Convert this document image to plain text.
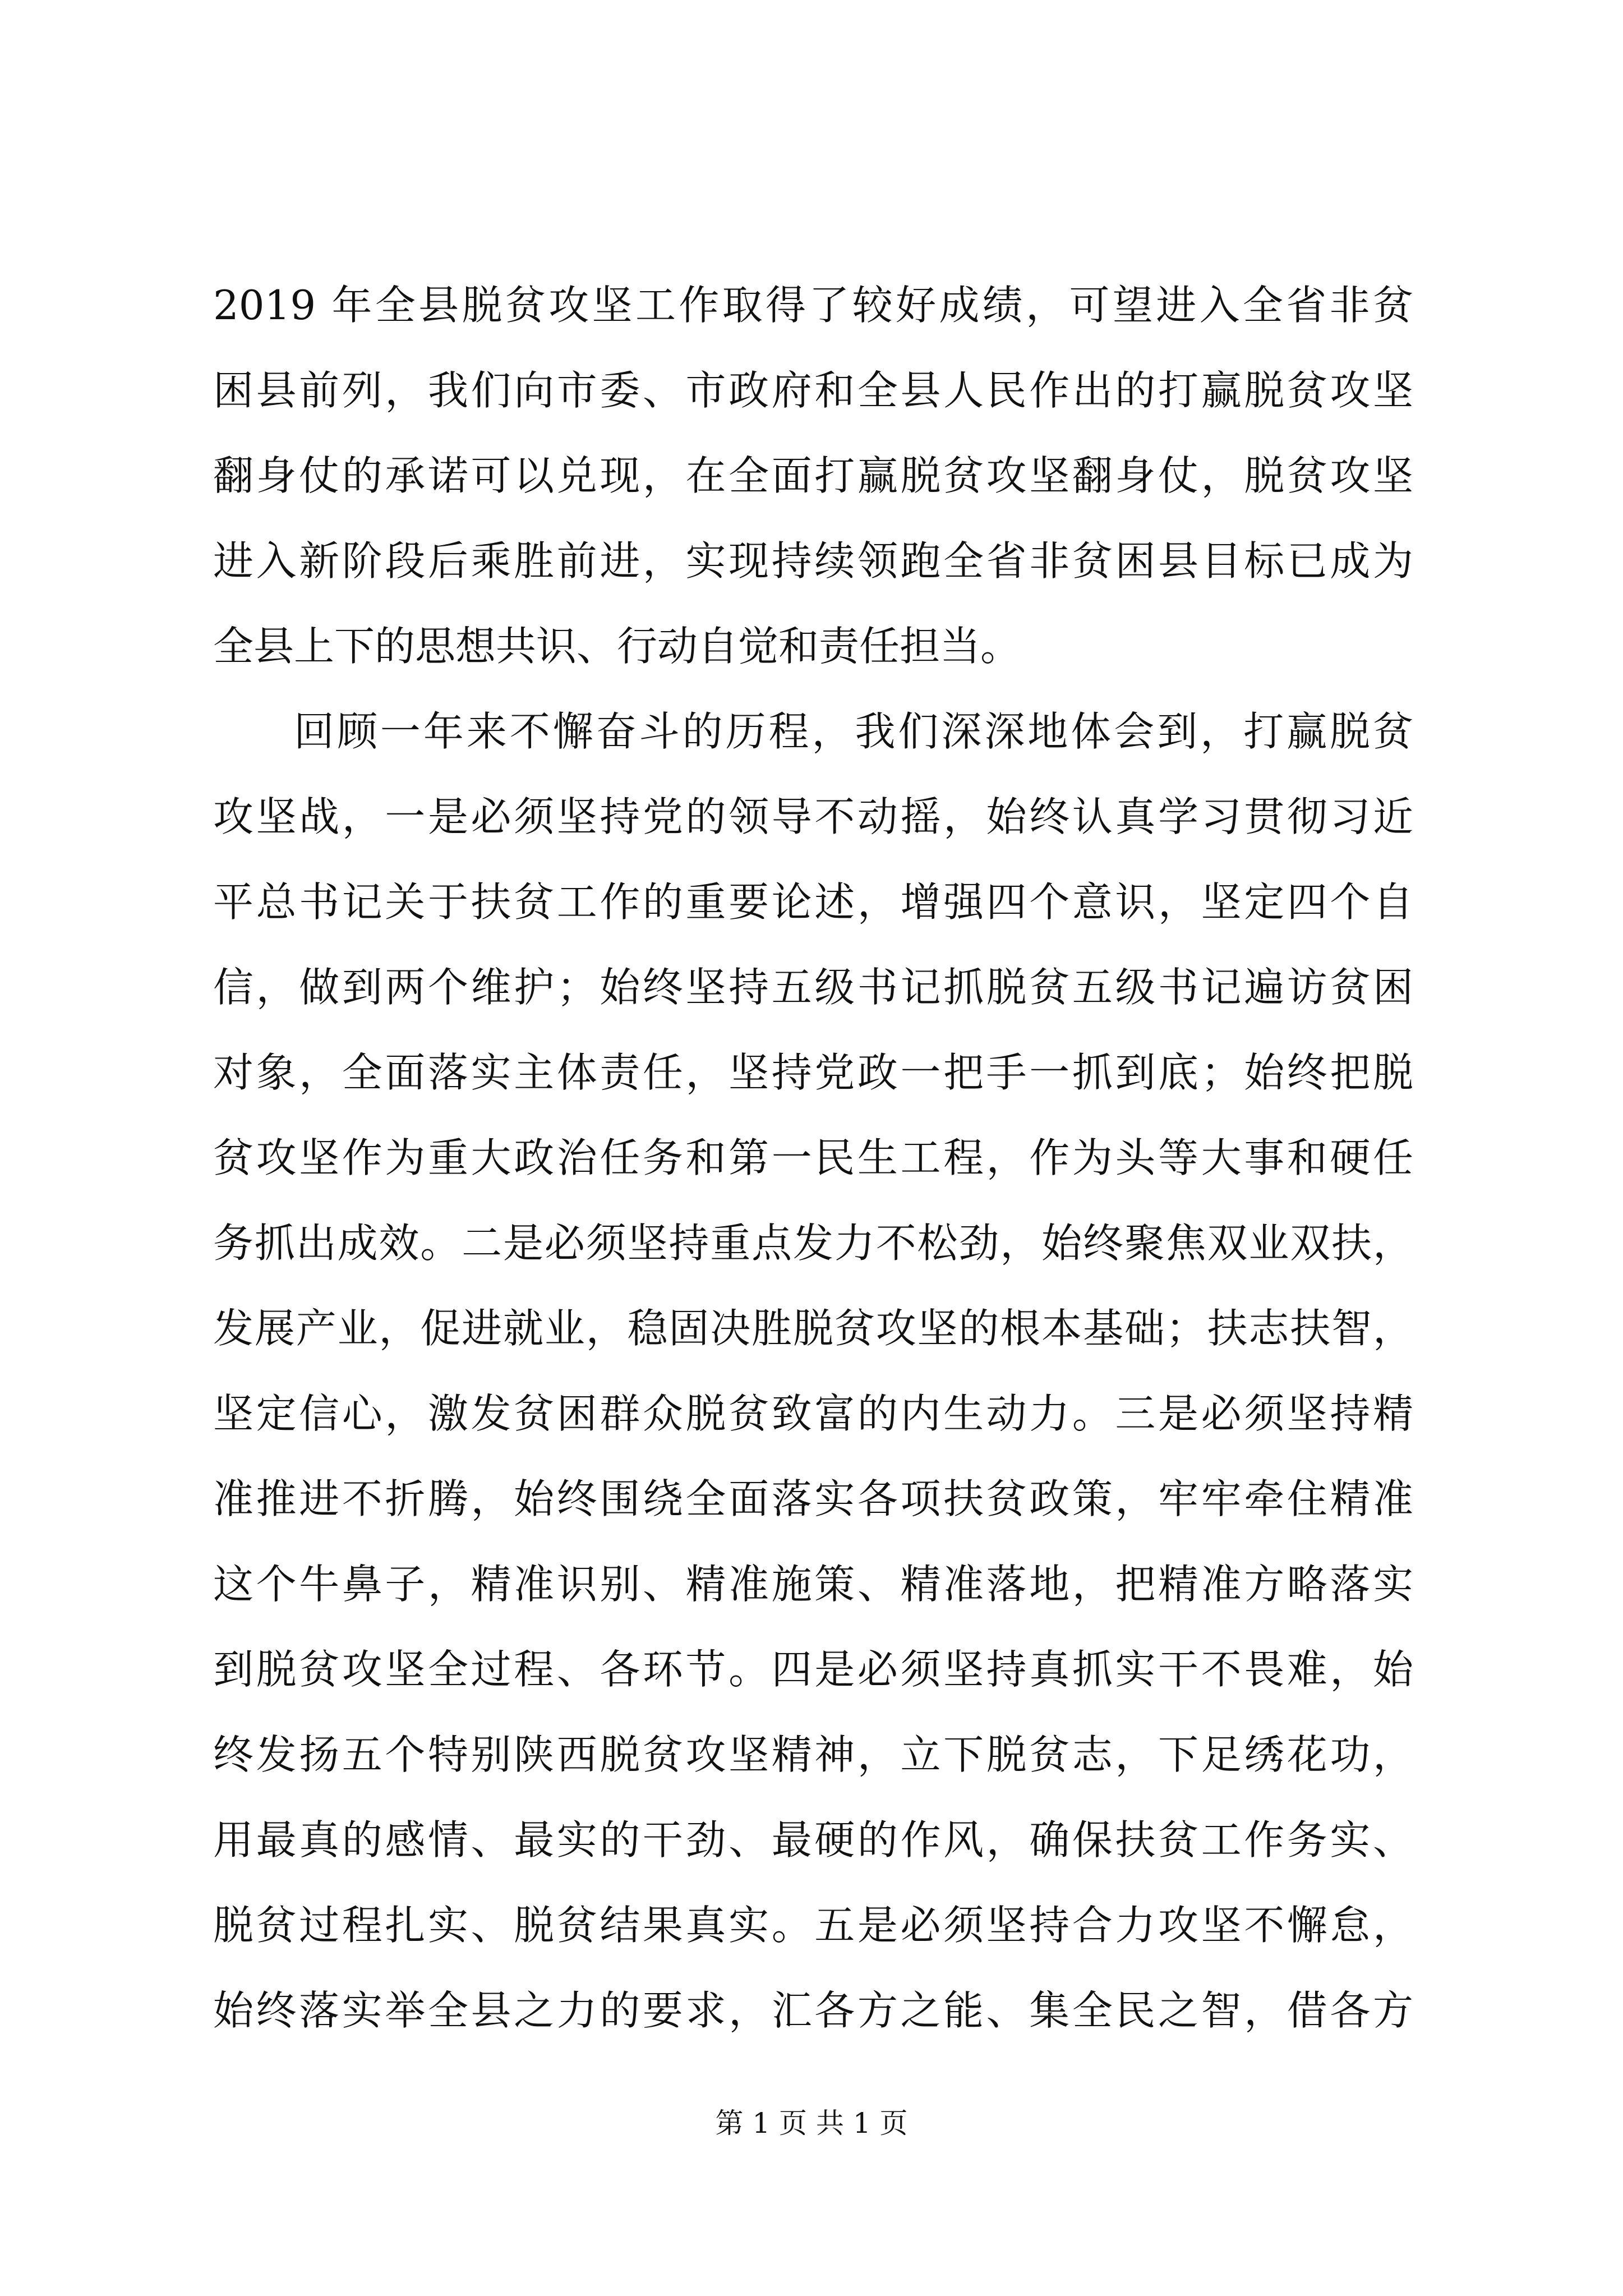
2019 年全县脱贫攻坚工作取得了较好成绩，可望进入全省非贫
困县前列，我们向市委、市政府和全县人民作出的打赢脱贫攻坚
翻身仗的承诺可以兑现，在全面打赢脱贫攻坚翻身仗，脱贫攻坚
进入新阶段后乘胜前进，实现持续领跑全省非贫困县目标已成为
全县上下的思想共识、行动自觉和责任担当。
回顾一年来不懈奋斗的历程，我们深深地体会到，打赢脱贫
攻坚战，一是必须坚持党的领导不动摇，始终认真学习贯彻习近
平总书记关于扶贫工作的重要论述，增强四个意识，坚定四个自
信，做到两个维护；始终坚持五级书记抓脱贫五级书记遍访贫困
对象，全面落实主体责任，坚持党政一把手一抓到底；始终把脱
贫攻坚作为重大政治任务和第一民生工程，作为头等大事和硬任
务抓出成效。二是必须坚持重点发力不松劲，始终聚焦双业双扶，
发展产业，促进就业，稳固决胜脱贫攻坚的根本基础；扶志扶智，
坚定信心，激发贫困群众脱贫致富的内生动力。三是必须坚持精
准推进不折腾，始终围绕全面落实各项扶贫政策，牢牢牵住精准
这个牛鼻子，精准识别、精准施策、精准落地，把精准方略落实
到脱贫攻坚全过程、各环节。四是必须坚持真抓实干不畏难，始
终发扬五个特别陕西脱贫攻坚精神，立下脱贫志，下足绣花功，
用最真的感情、最实的干劲、最硬的作风，确保扶贫工作务实、
脱贫过程扎实、脱贫结果真实。五是必须坚持合力攻坚不懈怠，
始终落实举全县之力的要求，汇各方之能、集全民之智，借各方
第 1 页 共 1 页
